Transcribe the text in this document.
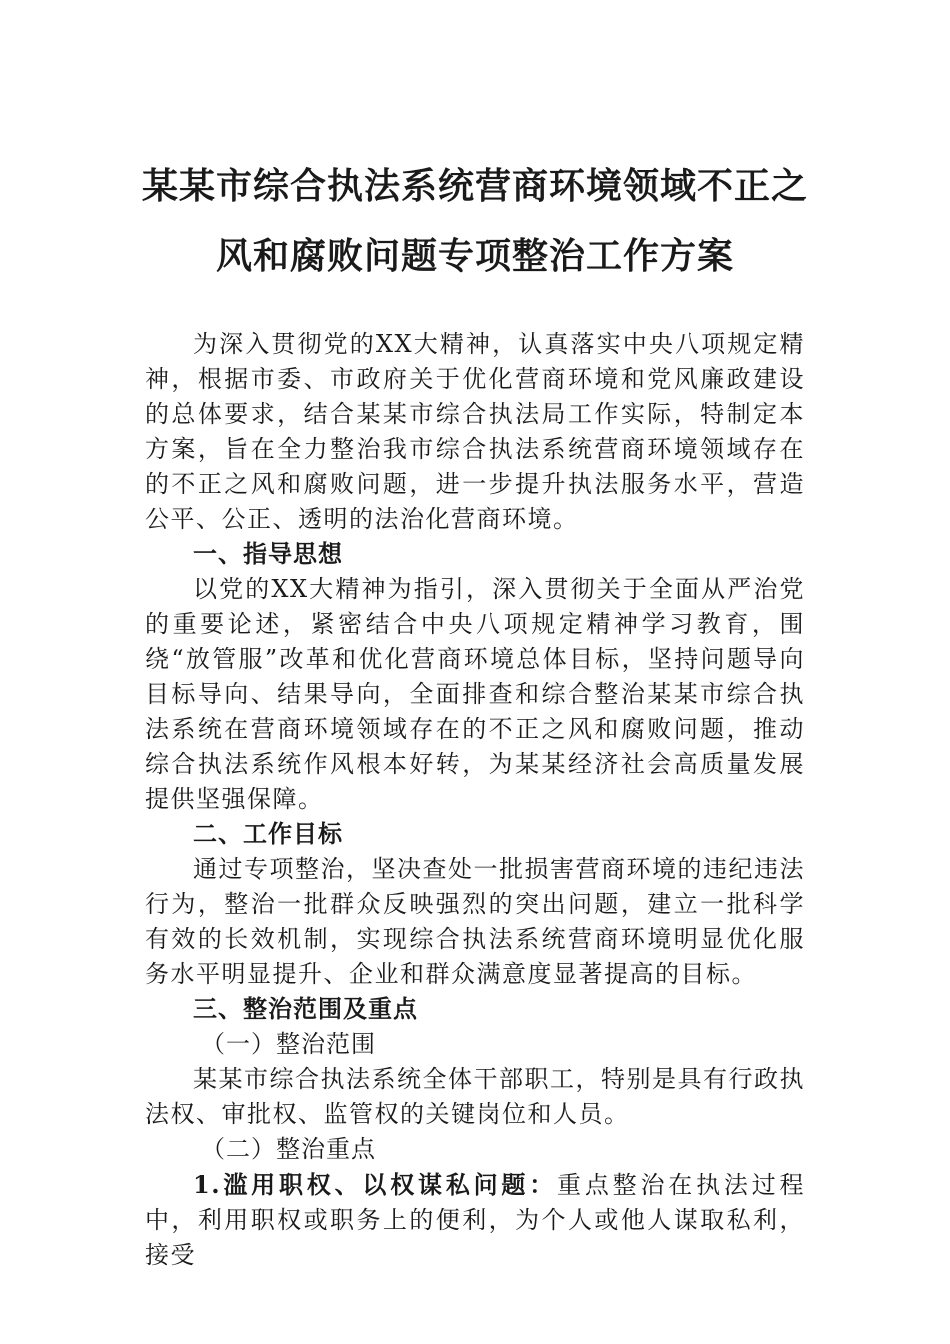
某某市综合执法系统营商环境领域不正之
风和腐败问题专项整治工作方案

为深入贯彻党的XX大精神，认真落实中央八项规定精神，根据市委、市政府关于优化营商环境和党风廉政建设的总体要求，结合某某市综合执法局工作实际，特制定本方案，旨在全力整治我市综合执法系统营商环境领域存在的不正之风和腐败问题，进一步提升执法服务水平，营造公平、公正、透明的法治化营商环境。

一、指导思想

以党的XX大精神为指引，深入贯彻关于全面从严治党的重要论述，紧密结合中央八项规定精神学习教育，围绕“放管服”改革和优化营商环境总体目标，坚持问题导向目标导向、结果导向，全面排查和综合整治某某市综合执法系统在营商环境领域存在的不正之风和腐败问题，推动综合执法系统作风根本好转，为某某经济社会高质量发展提供坚强保障。

二、工作目标

通过专项整治，坚决查处一批损害营商环境的违纪违法行为，整治一批群众反映强烈的突出问题，建立一批科学有效的长效机制，实现综合执法系统营商环境明显优化服务水平明显提升、企业和群众满意度显著提高的目标。

三、整治范围及重点
（一）整治范围

某某市综合执法系统全体干部职工，特别是具有行政执法权、审批权、监管权的关键岗位和人员。

（二）整治重点

1.滥用职权、以权谋私问题：重点整治在执法过程中，利用职权或职务上的便利，为个人或他人谋取私利，接受
